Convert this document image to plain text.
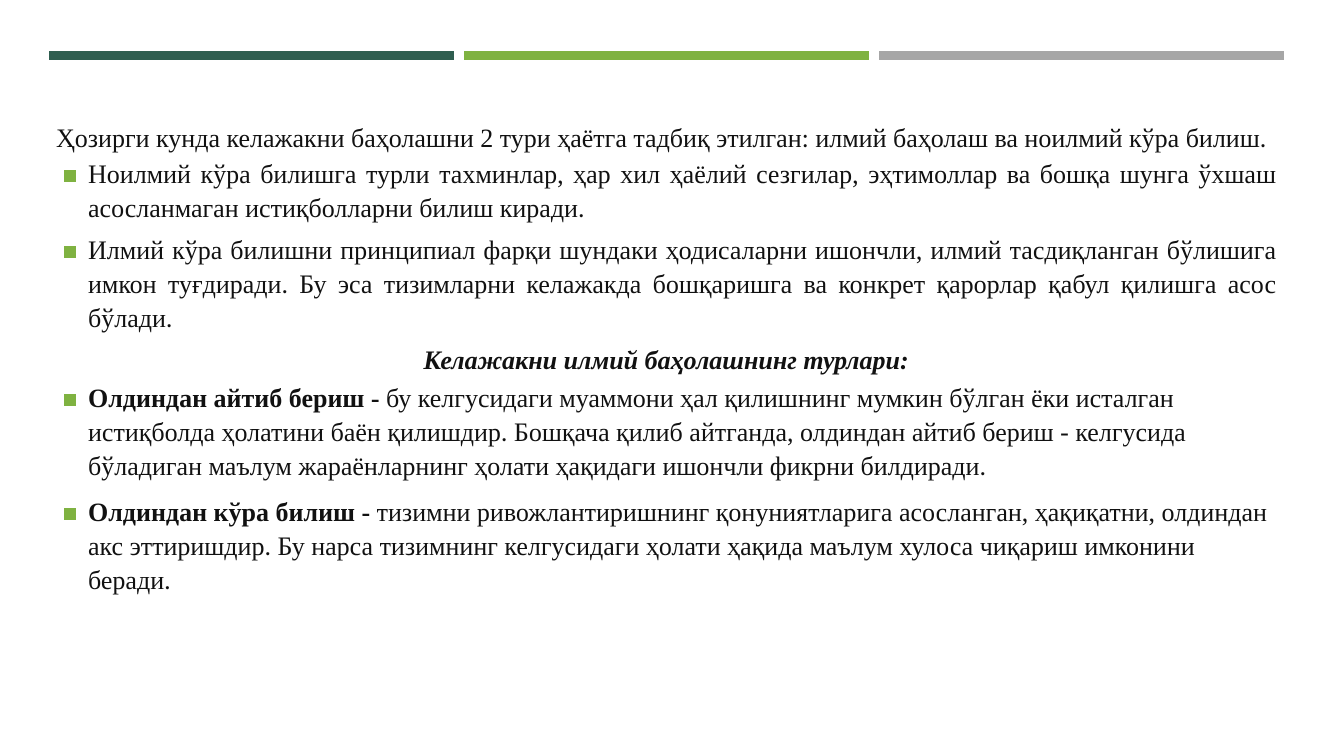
Ҳозирги кунда келажакни баҳолашни 2 тури ҳаётга тадбиқ этилган: илмий баҳолаш ва ноилмий кўра билиш.

Ноилмий кўра билишга турли тахминлар, ҳар хил ҳаёлий сезгилар, эҳтимоллар ва бошқа шунга ўхшаш асосланмаган истиқболларни билиш киради.
Илмий кўра билишни принципиал фарқи шундаки ҳодисаларни ишончли, илмий тасдиқланган бўлишига имкон туғдиради. Бу эса тизимларни келажакда бошқаришга ва конкрет қарорлар қабул қилишга асос бўлади.

Келажакни илмий баҳолашнинг турлари:

Олдиндан айтиб бериш - бу келгусидаги муаммони ҳал қилишнинг мумкин бўлган ёки исталган истиқболда ҳолатини баён қилишдир. Бошқача қилиб айтганда, олдиндан айтиб бериш - келгусида бўладиган маълум жараёнларнинг ҳолати ҳақидаги ишончли фикрни билдиради.
Олдиндан кўра билиш - тизимни ривожлантиришнинг қонуниятларига асосланган, ҳақиқатни, олдиндан акс эттиришдир. Бу нарса тизимнинг келгусидаги ҳолати ҳақида маълум хулоса чиқариш имконини беради.
